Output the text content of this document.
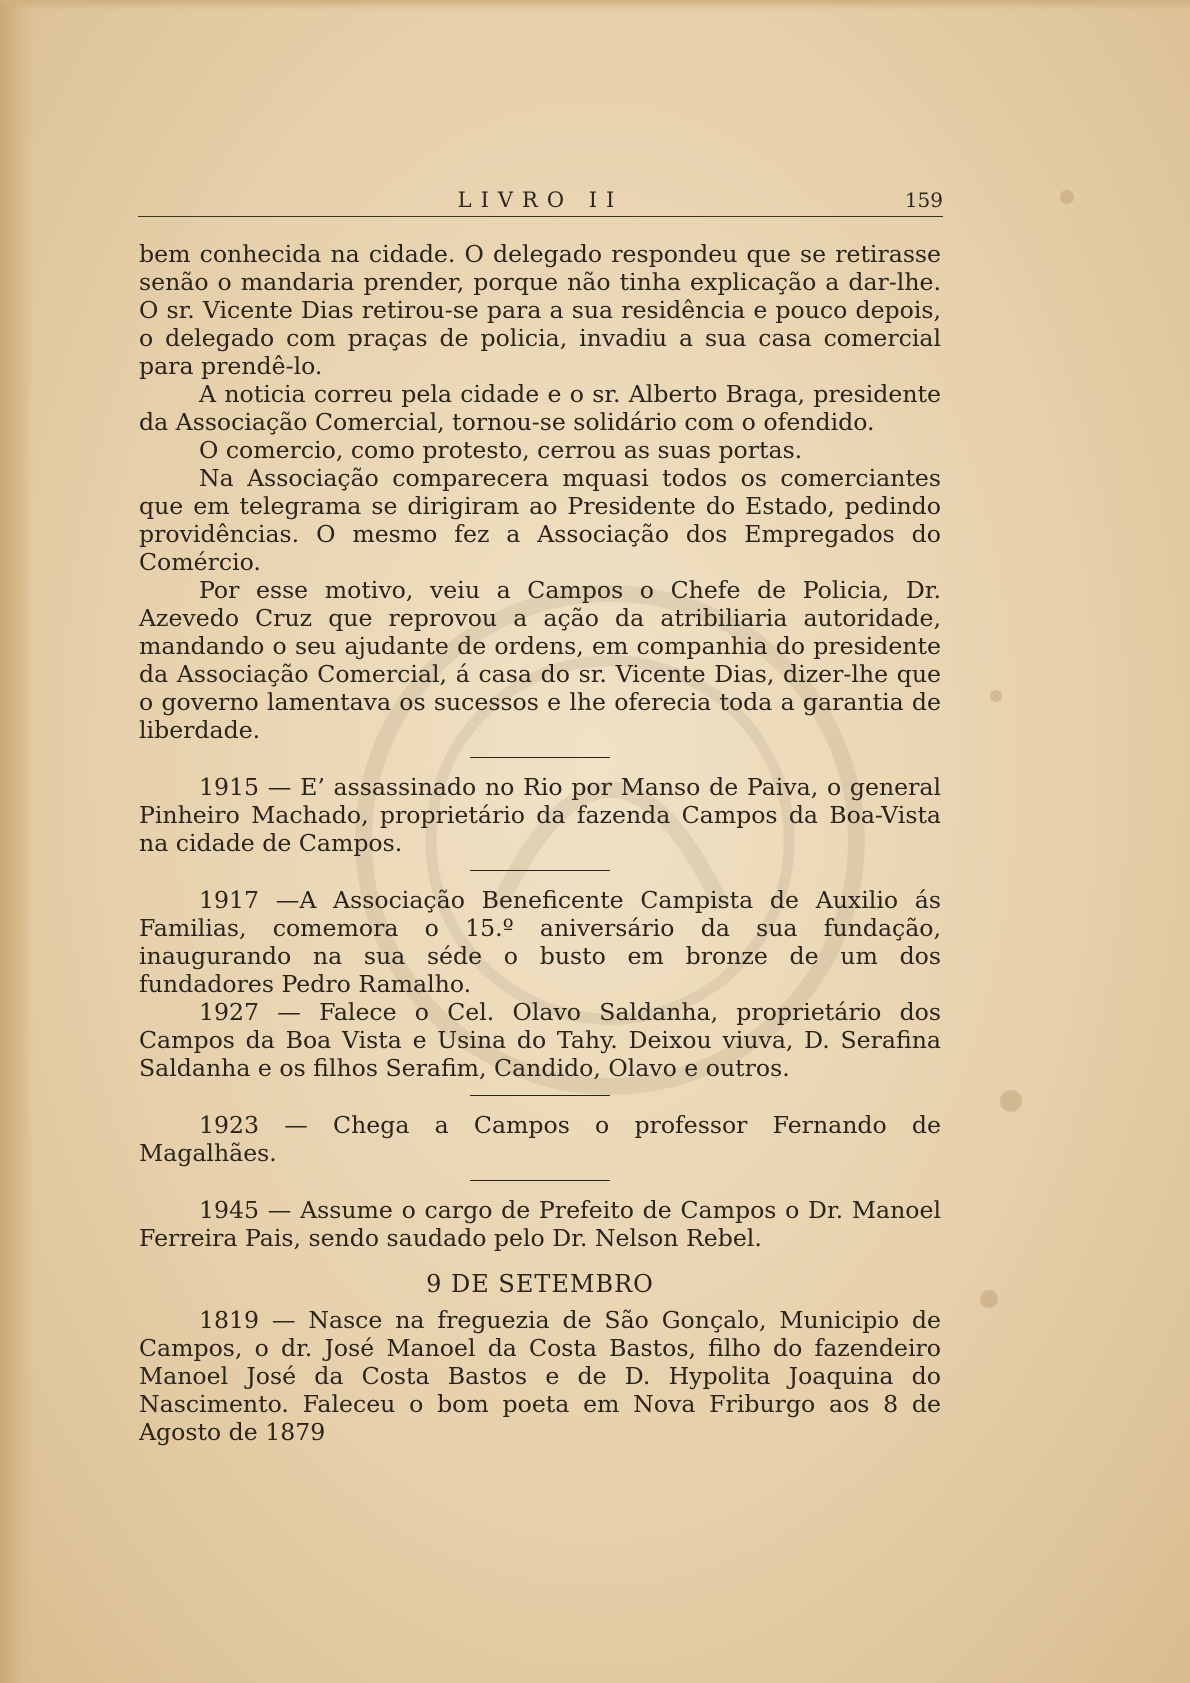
LIVRO II	159

bem conhecida na cidade. O delegado respondeu que se retirasse senão o mandaria prender, porque não tinha explicação a dar-lhe. O sr. Vicente Dias retirou-se para a sua residência e pouco depois, o delegado com praças de policia, invadiu a sua casa comercial para prendê-lo.

A noticia correu pela cidade e o sr. Alberto Braga, presidente da Associação Comercial, tornou-se solidário com o ofendido.

O comercio, como protesto, cerrou as suas portas.

Na Associação comparecera mquasi todos os comerciantes que em telegrama se dirigiram ao Presidente do Estado, pedindo providências. O mesmo fez a Associação dos Empregados do Comércio.

Por esse motivo, veiu a Campos o Chefe de Policia, Dr. Azevedo Cruz que reprovou a ação da atribiliaria autoridade, mandando o seu ajudante de ordens, em companhia do presidente da Associação Comercial, á casa do sr. Vicente Dias, dizer-lhe que o governo lamentava os sucessos e lhe oferecia toda a garantia de liberdade.

1915 — E’ assassinado no Rio por Manso de Paiva, o general Pinheiro Machado, proprietário da fazenda Campos da Boa-Vista na cidade de Campos.

1917 —A Associação Beneficente Campista de Auxilio ás Familias, comemora o 15.º aniversário da sua fundação, inaugurando na sua séde o busto em bronze de um dos fundadores Pedro Ramalho.

1927 — Falece o Cel. Olavo Saldanha, proprietário dos Campos da Boa Vista e Usina do Tahy. Deixou viuva, D. Serafina Saldanha e os filhos Serafim, Candido, Olavo e outros.

1923 — Chega a Campos o professor Fernando de Magalhães.

1945 — Assume o cargo de Prefeito de Campos o Dr. Manoel Ferreira Pais, sendo saudado pelo Dr. Nelson Rebel.

9 DE SETEMBRO

1819 — Nasce na freguezia de São Gonçalo, Municipio de Campos, o dr. José Manoel da Costa Bastos, filho do fazendeiro Manoel José da Costa Bastos e de D. Hypolita Joaquina do Nascimento. Faleceu o bom poeta em Nova Friburgo aos 8 de Agosto de 1879
